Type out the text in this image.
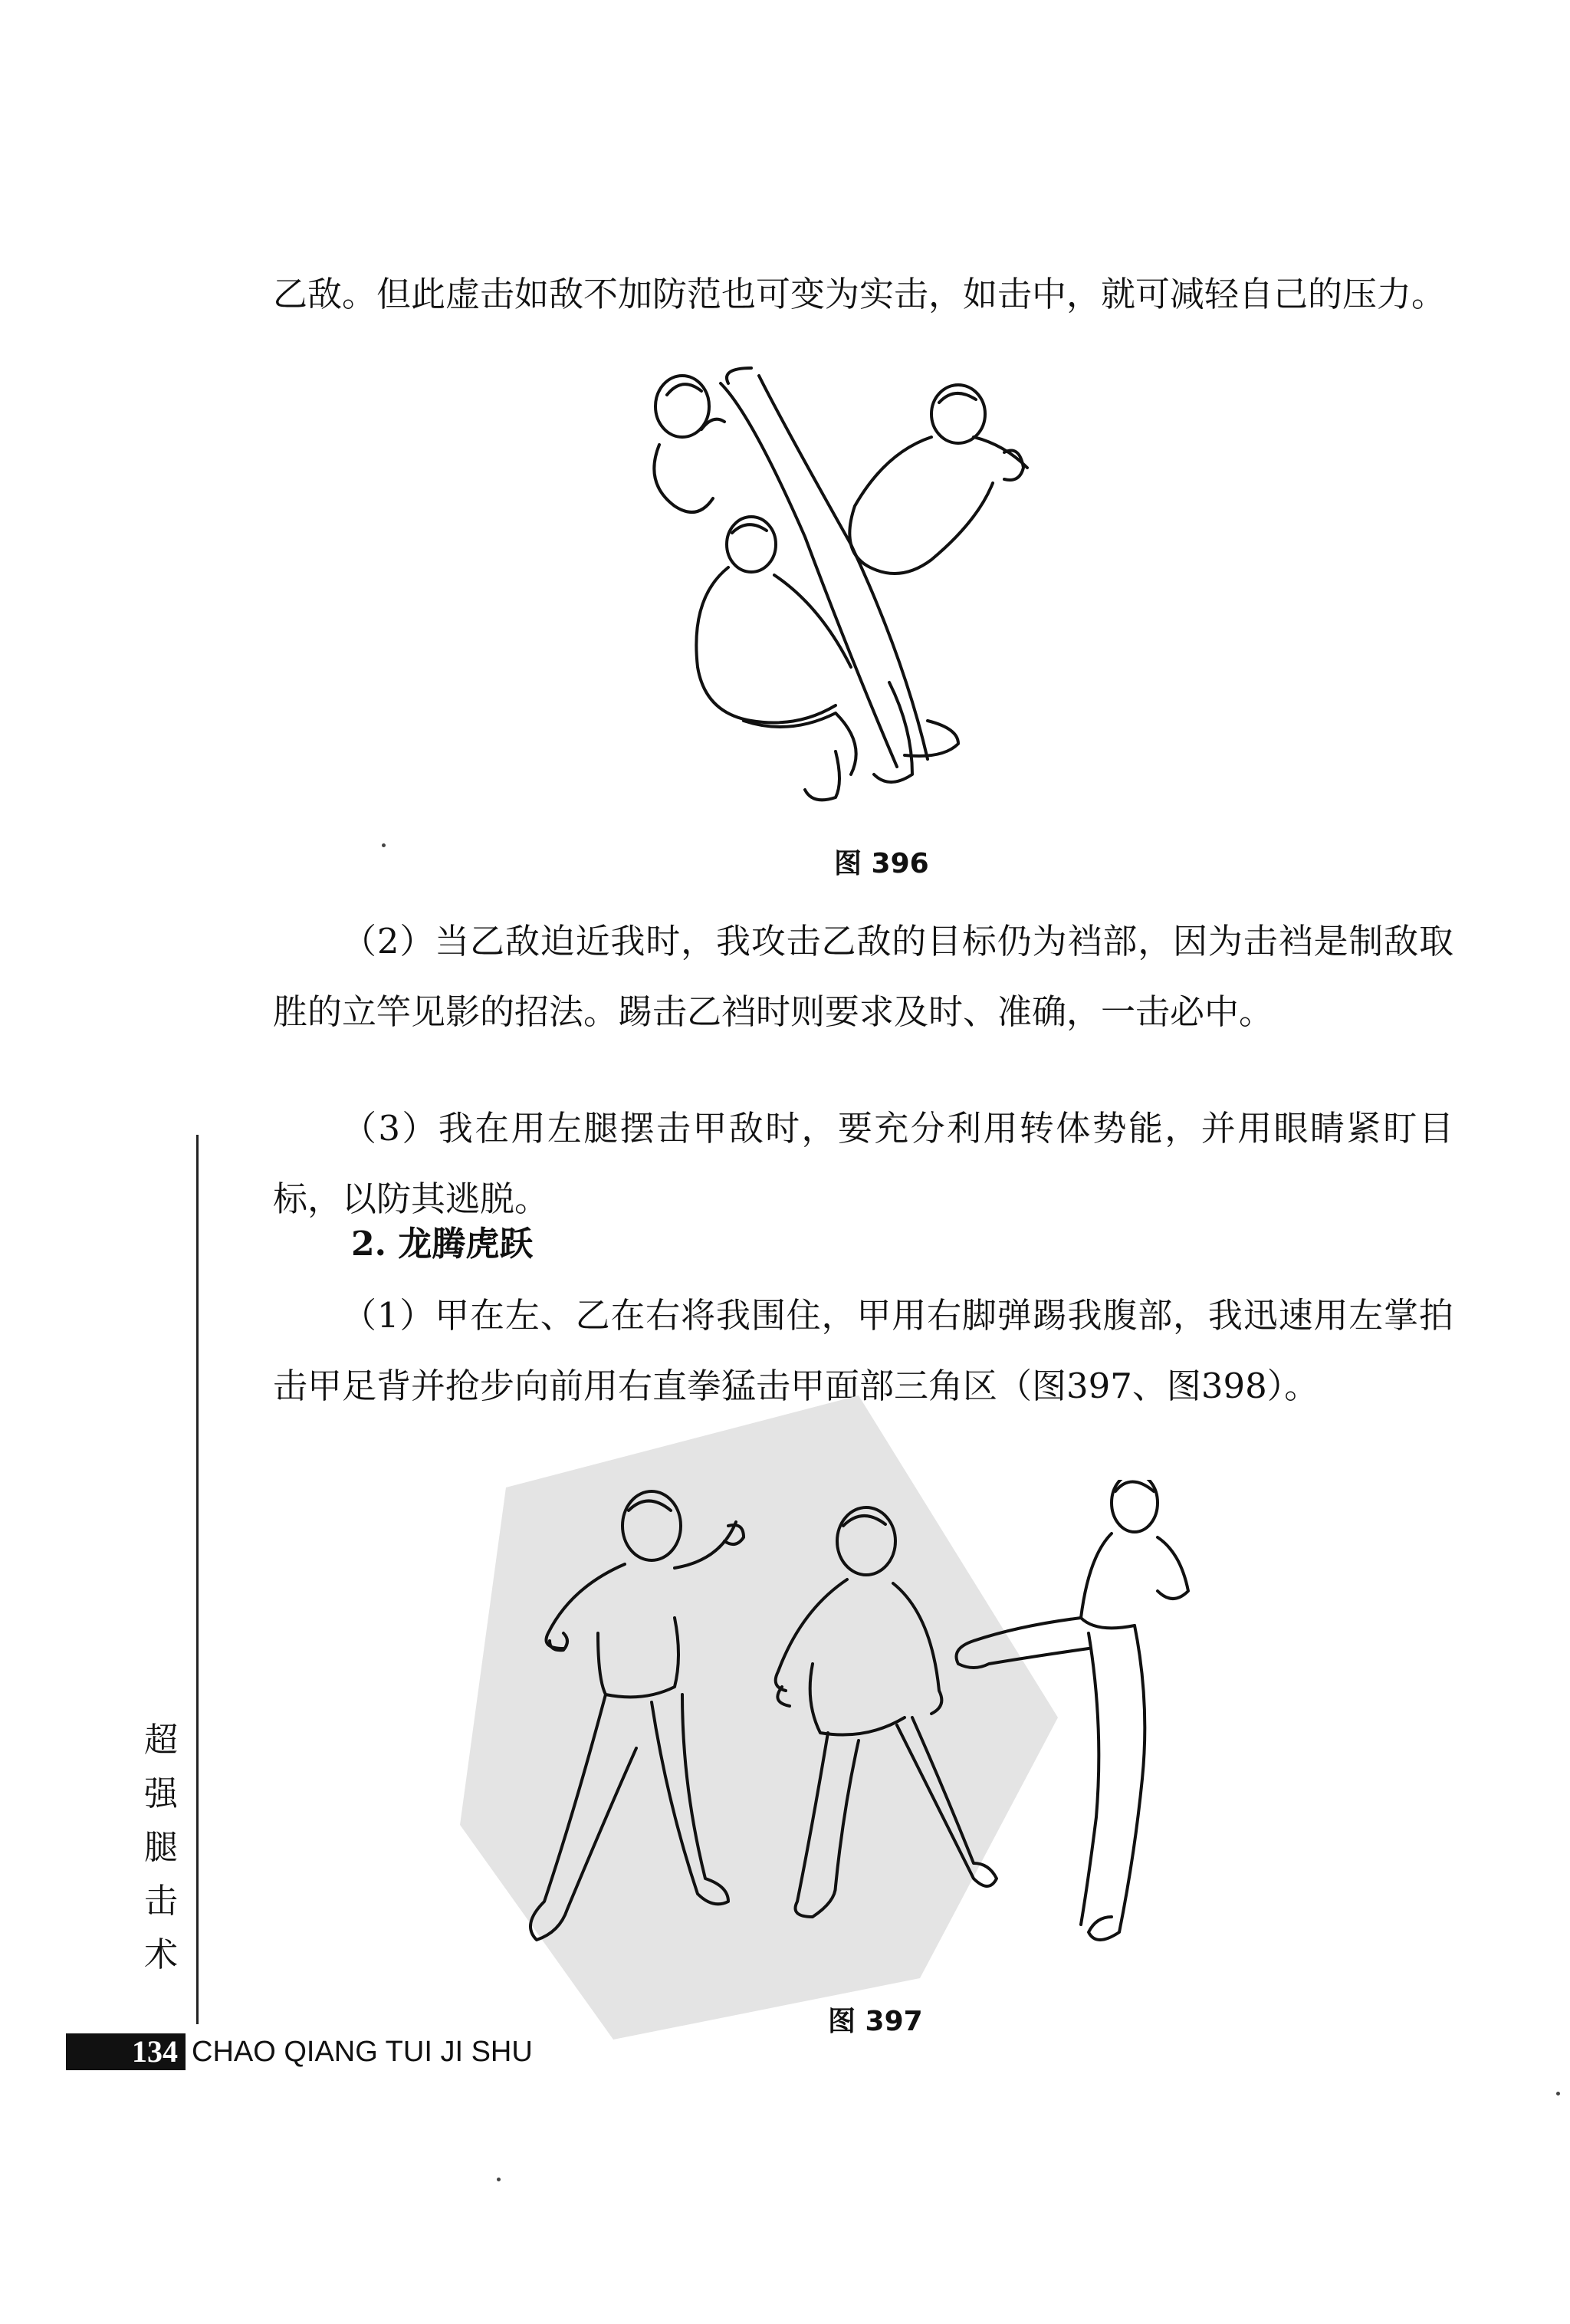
乙敌。但此虚击如敌不加防范也可变为实击，如击中，就可减轻自己的压力。

图 396

（2）当乙敌迫近我时，我攻击乙敌的目标仍为裆部，因为击裆是制敌取胜的立竿见影的招法。踢击乙裆时则要求及时、准确，一击必中。

（3）我在用左腿摆击甲敌时，要充分利用转体势能，并用眼睛紧盯目标，以防其逃脱。

2. 龙腾虎跃

（1）甲在左、乙在右将我围住，甲用右脚弹踢我腹部，我迅速用左掌拍击甲足背并抢步向前用右直拳猛击甲面部三角区（图397、图398）。

图 397
超
强
腿
击
术
134 CHAO QIANG TUI JI SHU
